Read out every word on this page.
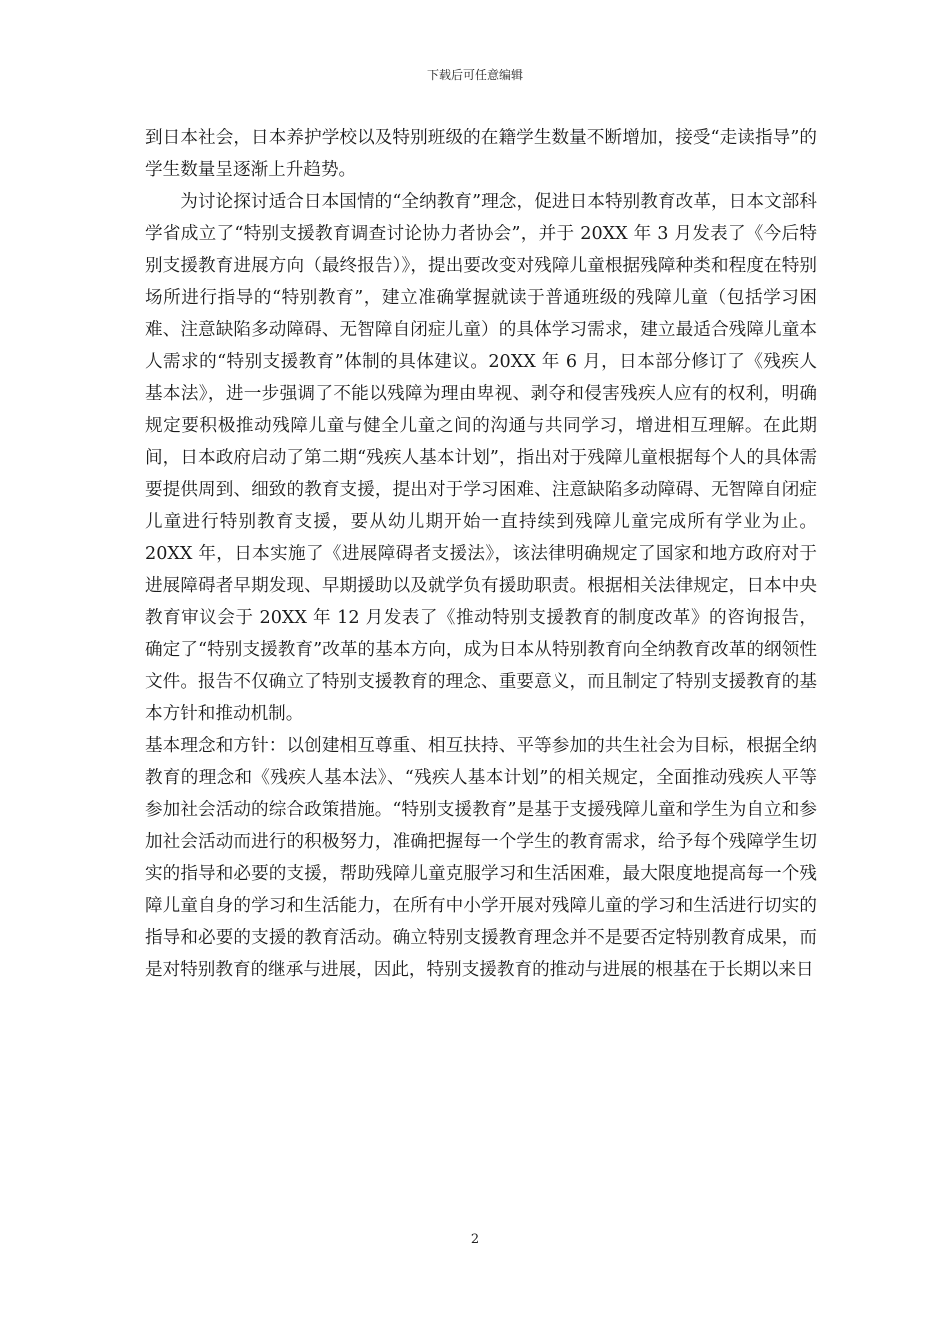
下载后可任意编辑

到日本社会，日本养护学校以及特别班级的在籍学生数量不断增加，接受“走读指导”的学生数量呈逐渐上升趋势。

为讨论探讨适合日本国情的“全纳教育”理念，促进日本特别教育改革，日本文部科学省成立了“特别支援教育调查讨论协力者协会”，并于 20XX 年 3 月发表了《今后特别支援教育进展方向（最终报告）》，提出要改变对残障儿童根据残障种类和程度在特别场所进行指导的“特别教育”，建立准确掌握就读于普通班级的残障儿童（包括学习困难、注意缺陷多动障碍、无智障自闭症儿童）的具体学习需求，建立最适合残障儿童本人需求的“特别支援教育”体制的具体建议。20XX 年 6 月，日本部分修订了《残疾人基本法》，进一步强调了不能以残障为理由卑视、剥夺和侵害残疾人应有的权利，明确规定要积极推动残障儿童与健全儿童之间的沟通与共同学习，增进相互理解。在此期间，日本政府启动了第二期“残疾人基本计划”，指出对于残障儿童根据每个人的具体需要提供周到、细致的教育支援，提出对于学习困难、注意缺陷多动障碍、无智障自闭症儿童进行特别教育支援，要从幼儿期开始一直持续到残障儿童完成所有学业为止。20XX 年，日本实施了《进展障碍者支援法》，该法律明确规定了国家和地方政府对于进展障碍者早期发现、早期援助以及就学负有援助职责。根据相关法律规定，日本中央教育审议会于 20XX 年 12 月发表了《推动特别支援教育的制度改革》的咨询报告，确定了“特别支援教育”改革的基本方向，成为日本从特别教育向全纳教育改革的纲领性文件。报告不仅确立了特别支援教育的理念、重要意义，而且制定了特别支援教育的基本方针和推动机制。

基本理念和方针：以创建相互尊重、相互扶持、平等参加的共生社会为目标，根据全纳教育的理念和《残疾人基本法》、“残疾人基本计划”的相关规定，全面推动残疾人平等参加社会活动的综合政策措施。“特别支援教育”是基于支援残障儿童和学生为自立和参加社会活动而进行的积极努力，准确把握每一个学生的教育需求，给予每个残障学生切实的指导和必要的支援，帮助残障儿童克服学习和生活困难，最大限度地提高每一个残障儿童自身的学习和生活能力，在所有中小学开展对残障儿童的学习和生活进行切实的指导和必要的支援的教育活动。确立特别支援教育理念并不是要否定特别教育成果，而是对特别教育的继承与进展，因此，特别支援教育的推动与进展的根基在于长期以来日

2
